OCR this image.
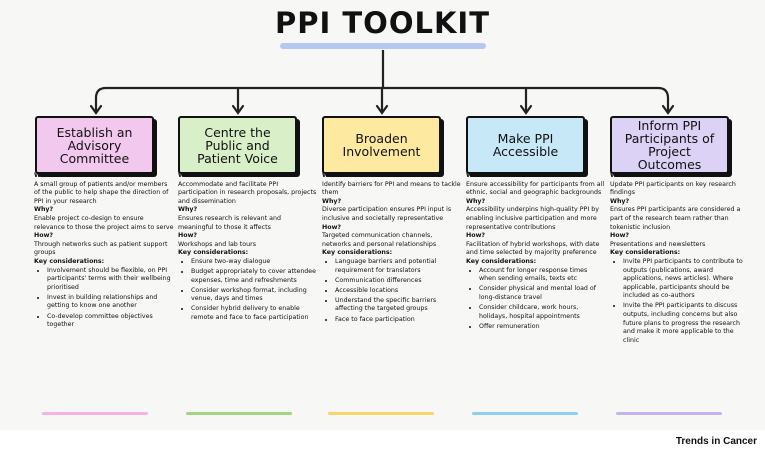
PPI TOOLKIT
Establish an Advisory Committee
What?

A small group of patients and/or members of the public to help shape the direction of PPI in your research

Why?

Enable project co-design to ensure relevance to those the project aims to serve

How?

Through networks such as patient support groups

Key considerations:
• Involvement should be flexible, on PPI participants' terms with their wellbeing prioritised
• Invest in building relationships and getting to know one another
• Co-develop committee objectives together
Centre the Public and Patient Voice
What?

Accommodate and facilitate PPI participation in research proposals, projects and dissemination

Why?

Ensures research is relevant and meaningful to those it affects

How?

Workshops and lab tours

Key considerations:
• Ensure two-way dialogue
• Budget appropriately to cover attendee expenses, time and refreshments
• Consider workshop format, including venue, days and times
• Consider hybrid delivery to enable remote and face to face participation
Broaden Involvement
What?

Identify barriers for PPI and means to tackle them

Why?

Diverse participation ensures PPI input is inclusive and societally representative

How?

Targeted communication channels, networks and personal relationships

Key considerations:
• Language barriers and potential requirement for translators
• Communication differences
• Accessible locations
• Understand the specific barriers affecting the targeted groups
• Face to face participation
Make PPI Accessible
What?

Ensure accessibility for participants from all ethnic, social and geographic backgrounds

Why?

Accessibility underpins high-quality PPI by enabling inclusive participation and more representative contributions

How?

Facilitation of hybrid workshops, with date and time selected by majority preference

Key considerations:
• Account for longer response times when sending emails, texts etc
• Consider physical and mental load of long-distance travel
• Consider childcare, work hours, holidays, hospital appointments
• Offer remuneration
Inform PPI Participants of Project Outcomes
What?

Update PPI participants on key research findings

Why?

Ensures PPI participants are considered a part of the research team rather than tokenistic inclusion

How?

Presentations and newsletters

Key considerations:
• Invite PPI participants to contribute to outputs (publications, award applications, news articles). Where applicable, participants should be included as co-authors
• Invite the PPI participants to discuss outputs, including concerns but also future plans to progress the research and make it more applicable to the clinic
Trends in Cancer
